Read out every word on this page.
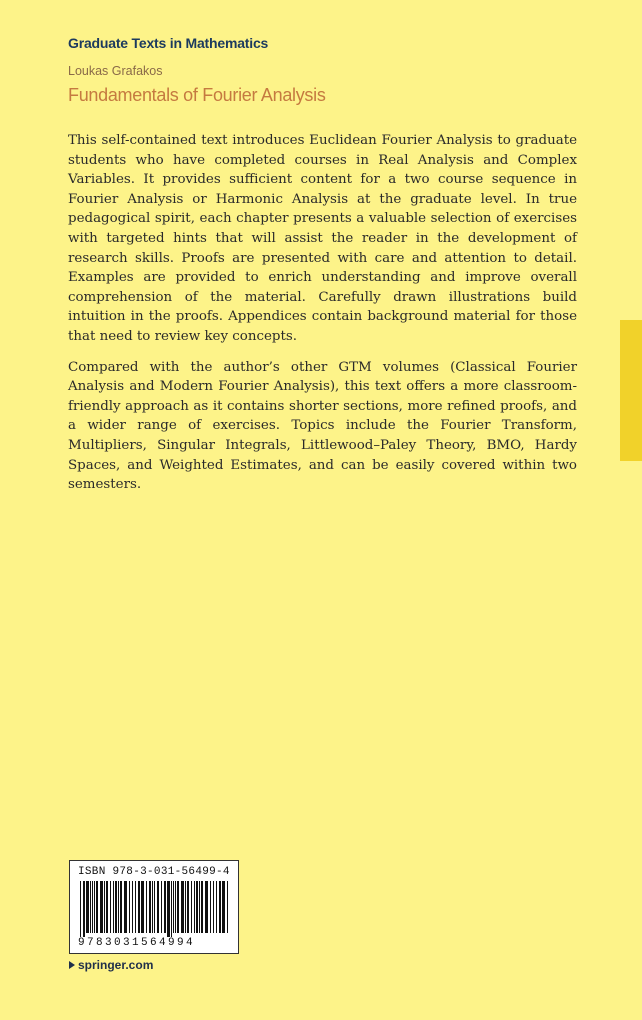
Graduate Texts in Mathematics
Loukas Grafakos
Fundamentals of Fourier Analysis

This self-contained text introduces Euclidean Fourier Analysis to graduate students who have completed courses in Real Analysis and Complex Variables. It provides sufficient content for a two course sequence in Fourier Analysis or Harmonic Analysis at the graduate level. In true pedagogical spirit, each chapter presents a valuable selection of exercises with targeted hints that will assist the reader in the development of research skills. Proofs are presented with care and attention to detail. Examples are provided to enrich understanding and improve overall comprehension of the material. Carefully drawn illustrations build intuition in the proofs. Appendices contain background material for those that need to review key concepts.

Compared with the author’s other GTM volumes (Classical Fourier Analysis and Modern Fourier Analysis), this text offers a more classroom-friendly approach as it contains shorter sections, more refined proofs, and a wider range of exercises. Topics include the Fourier Transform, Multipliers, Singular Integrals, Littlewood–Paley Theory, BMO, Hardy Spaces, and Weighted Estimates, and can be easily covered within two semesters.

ISBN 978-3-031-56499-4
9783031564994
springer.com
